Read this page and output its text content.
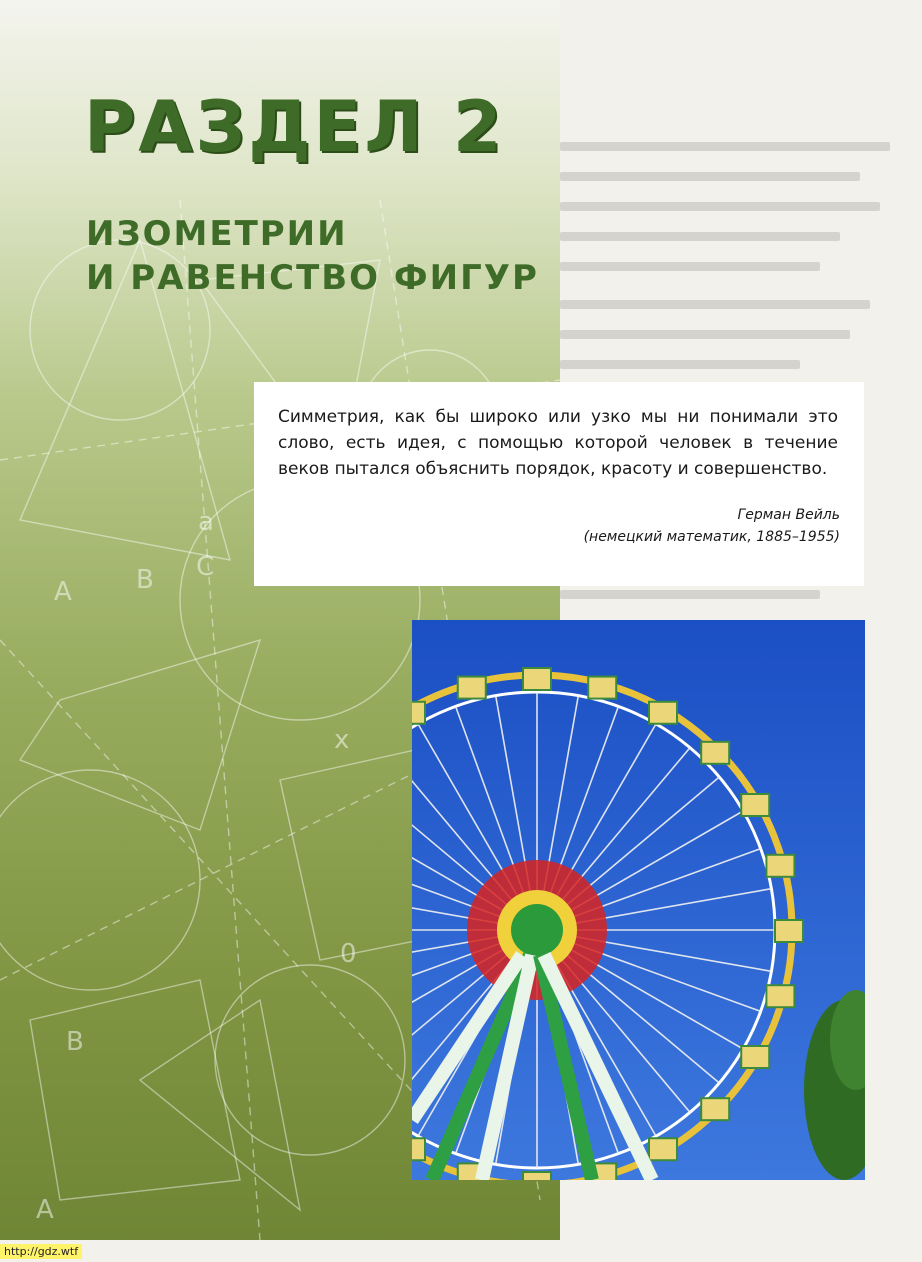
A B C
a
x
0
B
A
РАЗДЕЛ 2
ИЗОМЕТРИИ
И РАВЕНСТВО ФИГУР

Симметрия, как бы широко или узко мы ни понимали это слово, есть идея, с помощью которой человек в течение веков пытался объяснить порядок, красоту и совершенство.

Герман Вейль
(немецкий математик, 1885–1955)

http://gdz.wtf
